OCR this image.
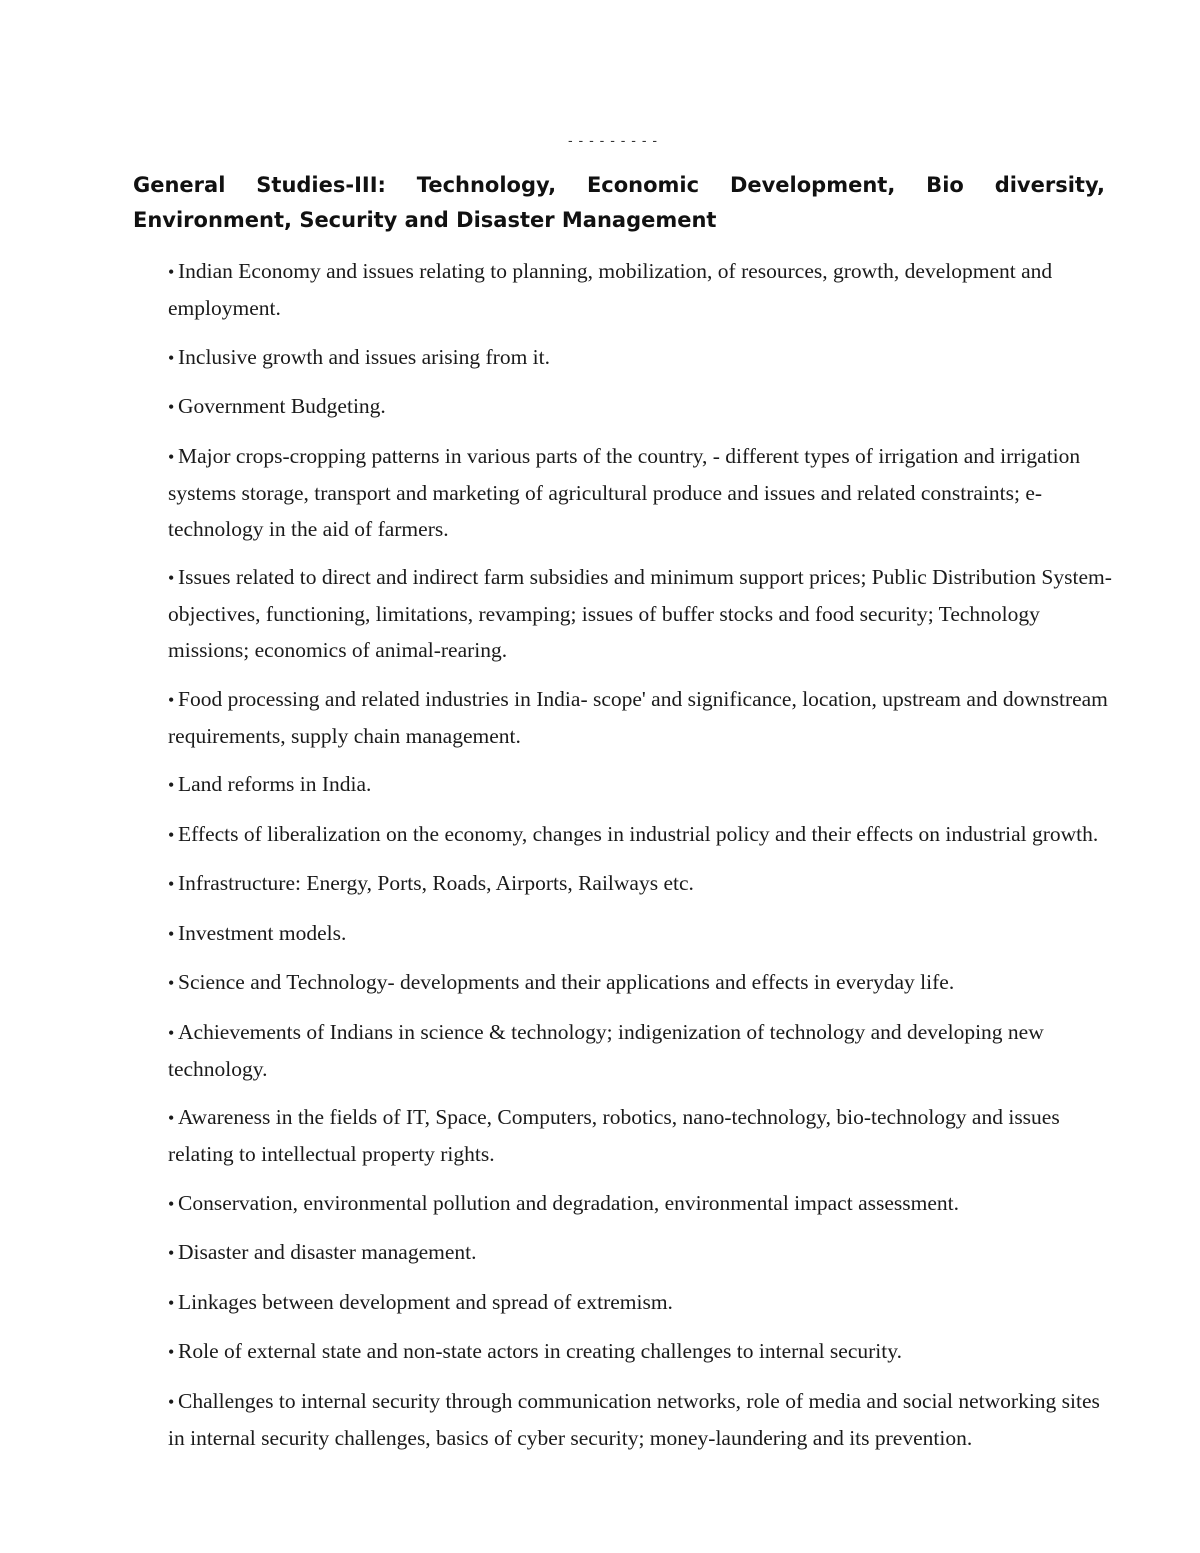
- - - - - - - - -
General Studies-III: Technology, Economic Development, Bio diversity, Environment, Security and Disaster Management
• Indian Economy and issues relating to planning, mobilization, of resources, growth, development and employment.
• Inclusive growth and issues arising from it.
• Government Budgeting.
• Major crops-cropping patterns in various parts of the country, - different types of irrigation and irrigation systems storage, transport and marketing of agricultural produce and issues and related constraints; e-technology in the aid of farmers.
• Issues related to direct and indirect farm subsidies and minimum support prices; Public Distribution System- objectives, functioning, limitations, revamping; issues of buffer stocks and food security; Technology missions; economics of animal-rearing.
• Food processing and related industries in India- scope' and significance, location, upstream and downstream requirements, supply chain management.
• Land reforms in India.
• Effects of liberalization on the economy, changes in industrial policy and their effects on industrial growth.
• Infrastructure: Energy, Ports, Roads, Airports, Railways etc.
• Investment models.
• Science and Technology- developments and their applications and effects in everyday life.
• Achievements of Indians in science & technology; indigenization of technology and developing new technology.
• Awareness in the fields of IT, Space, Computers, robotics, nano-technology, bio-technology and issues relating to intellectual property rights.
• Conservation, environmental pollution and degradation, environmental impact assessment.
• Disaster and disaster management.
• Linkages between development and spread of extremism.
• Role of external state and non-state actors in creating challenges to internal security.
• Challenges to internal security through communication networks, role of media and social networking sites in internal security challenges, basics of cyber security; money-laundering and its prevention.
